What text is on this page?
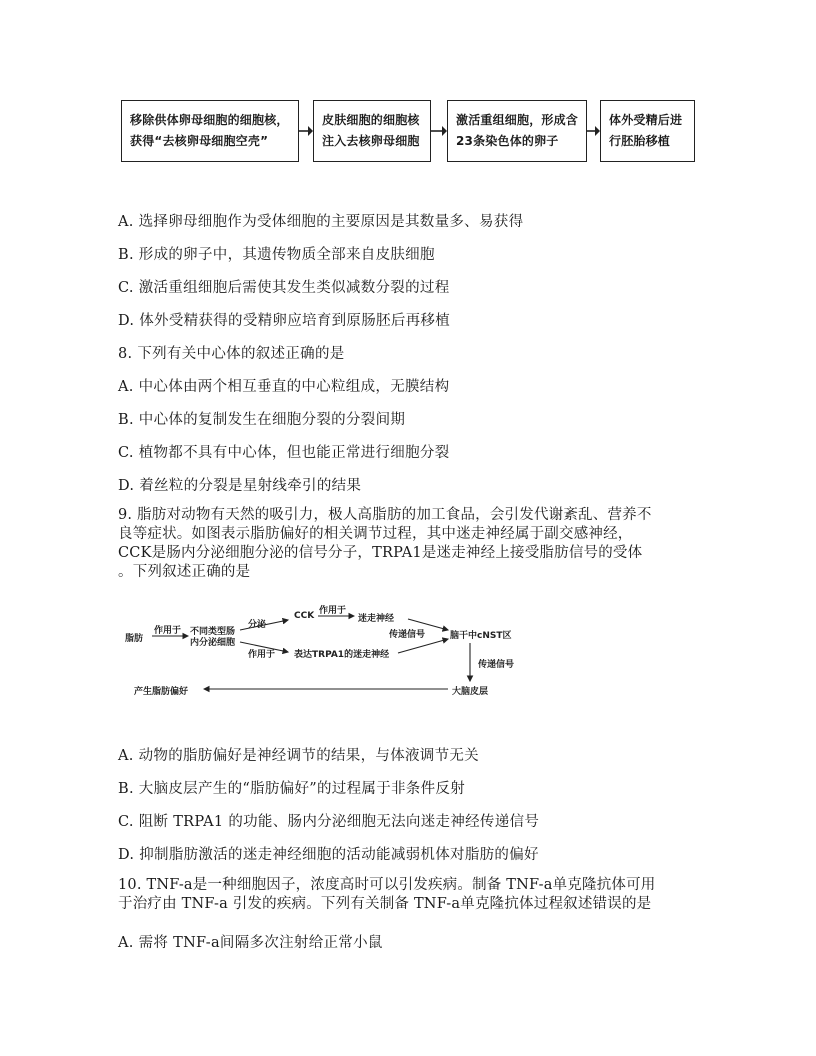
移除供体卵母细胞的细胞核，
获得“去核卵母细胞空壳”
皮肤细胞的细胞核
注入去核卵母细胞
激活重组细胞，形成含
23条染色体的卵子
体外受精后进
行胚胎移植
A. 选择卵母细胞作为受体细胞的主要原因是其数量多、易获得
B. 形成的卵子中，其遗传物质全部来自皮肤细胞
C. 激活重组细胞后需使其发生类似减数分裂的过程
D. 体外受精获得的受精卵应培育到原肠胚后再移植
8. 下列有关中心体的叙述正确的是
A. 中心体由两个相互垂直的中心粒组成，无膜结构
B. 中心体的复制发生在细胞分裂的分裂间期
C. 植物都不具有中心体，但也能正常进行细胞分裂
D. 着丝粒的分裂是星射线牵引的结果
9. 脂肪对动物有天然的吸引力，极人高脂肪的加工食品，会引发代谢紊乱、营养不
良等症状。如图表示脂肪偏好的相关调节过程，其中迷走神经属于副交感神经，
CCK是肠内分泌细胞分泌的信号分子，TRPA1是迷走神经上接受脂肪信号的受体
。下列叙述正确的是
脂肪
作用于 不同类型肠
内分泌细胞
分泌
作用于
CCK 作用于
迷走神经
表达TRPA1的迷走神经
传递信号	脑干中cNST区
传递信号
大脑皮层
产生脂肪偏好
A. 动物的脂肪偏好是神经调节的结果，与体液调节无关
B. 大脑皮层产生的“脂肪偏好”的过程属于非条件反射
C. 阻断 TRPA1 的功能、肠内分泌细胞无法向迷走神经传递信号
D. 抑制脂肪激活的迷走神经细胞的活动能减弱机体对脂肪的偏好
10. TNF-a是一种细胞因子，浓度高时可以引发疾病。制备 TNF-a单克隆抗体可用
于治疗由 TNF-a 引发的疾病。下列有关制备 TNF-a单克隆抗体过程叙述错误的是
A. 需将 TNF-a间隔多次注射给正常小鼠
